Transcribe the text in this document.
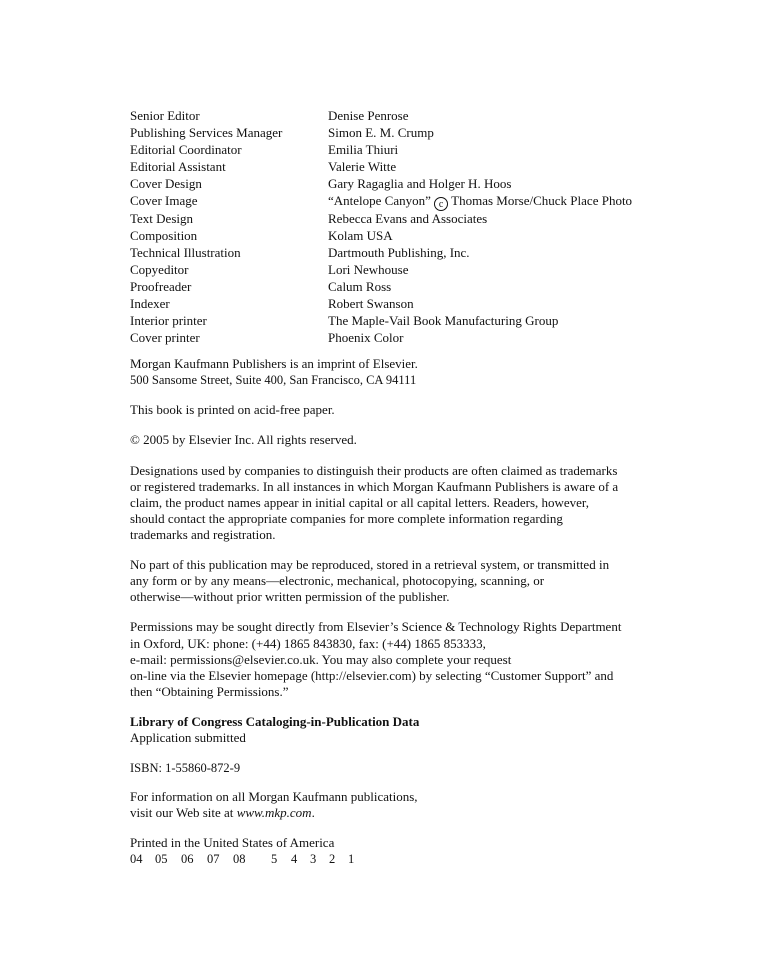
Senior Editor	Denise Penrose
Publishing Services Manager	Simon E. M. Crump
Editorial Coordinator	Emilia Thiuri
Editorial Assistant	Valerie Witte
Cover Design	Gary Ragaglia and Holger H. Hoos
Cover Image	“Antelope Canyon” c Thomas Morse/Chuck Place Photo
Text Design	Rebecca Evans and Associates
Composition	Kolam USA
Technical Illustration	Dartmouth Publishing, Inc.
Copyeditor	Lori Newhouse
Proofreader	Calum Ross
Indexer	Robert Swanson
Interior printer	The Maple-Vail Book Manufacturing Group
Cover printer	Phoenix Color
Morgan Kaufmann Publishers is an imprint of Elsevier.
500 Sansome Street, Suite 400, San Francisco, CA 94111
This book is printed on acid-free paper.
© 2005 by Elsevier Inc. All rights reserved.
Designations used by companies to distinguish their products are often claimed as trademarks
or registered trademarks. In all instances in which Morgan Kaufmann Publishers is aware of a
claim, the product names appear in initial capital or all capital letters. Readers, however,
should contact the appropriate companies for more complete information regarding
trademarks and registration.
No part of this publication may be reproduced, stored in a retrieval system, or transmitted in
any form or by any means—electronic, mechanical, photocopying, scanning, or
otherwise—without prior written permission of the publisher.
Permissions may be sought directly from Elsevier’s Science & Technology Rights Department
in Oxford, UK: phone: (+44) 1865 843830, fax: (+44) 1865 853333,
e-mail: permissions@elsevier.co.uk. You may also complete your request
on-line via the Elsevier homepage (http://elsevier.com) by selecting “Customer Support” and
then “Obtaining Permissions.”
Library of Congress Cataloging-in-Publication Data
Application submitted
ISBN: 1-55860-872-9
For information on all Morgan Kaufmann publications,
visit our Web site at www.mkp.com.
Printed in the United States of America
04 05 06 07 08 5 4 3 2 1
